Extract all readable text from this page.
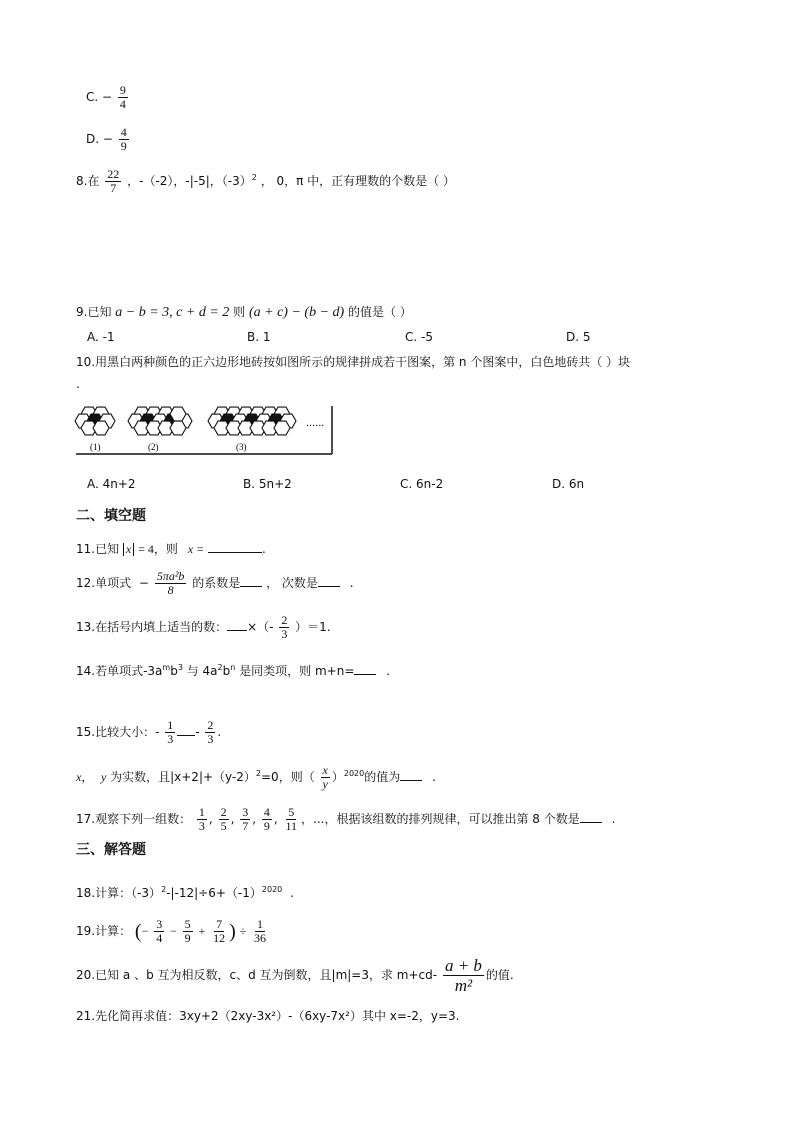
C. − $\frac{9}{4}$
D. − $\frac{4}{9}$
8.在 $\frac{22}{7}$ ，-（-2），-|-5|，$(-3)^2$ ， 0，π 中，正有理数的个数是（ ）
9.已知 a − b = 3, c + d = 2 则 (a + c) − (b − d) 的值是（ ）
A. -1	B. 1	C. -5	D. 5
10.用黑白两种颜色的正六边形地砖按如图所示的规律拼成若干图案，第 n 个图案中，白色地砖共（ ）块
.
(1)	(2)	(3)
......
A. 4n+2	B. 5n+2	C. 6n-2	D. 6n
二、填空题
11.已知 x = 4，则 x =	.
12.单项式 − $\frac{\text{5πa²b}}{8}$ 的系数是 ， 次数是	.
13.在括号内填上适当的数： ×（- $\frac{2}{3} )=1$.
14.若单项式$-3a^mb^3$ 与 $4a^2b^n$ 是同类项，则 m+n=	.
15.比较大小：- $\frac{1}{3} - \frac{2}{3}$ .
x，  y 为实数，且$|x+2|+(y-2)^2=0$，则（ $\frac{x}{y} )^{2020}$的值为	.
17.观察下列一组数： $\frac{1}{3}$ , $\frac{2}{5}$ , $\frac{3}{7}$ , $\frac{4}{9}$ , $\frac{5}{11}$ ，...，根据该组数的排列规律，可以推出第 8 个数是	.
三、解答题
18.计算：$(-3)^2-|-12|\div 6+(-1)^{2020}$ .
19.计算： (− $\frac{3}{4} - \frac{5}{9} + \frac{7}{12}$ ) ÷ $\frac{1}{36}$
20.已知 a 、b 互为相反数，c、d 互为倒数，且|m|=3，求 $m+cd- \frac{a + b}{\text{m²}}$ 的值.
21.先化简再求值：3xy+2（2xy-3x²）-（6xy-7x²）其中 x=-2，y=3.
